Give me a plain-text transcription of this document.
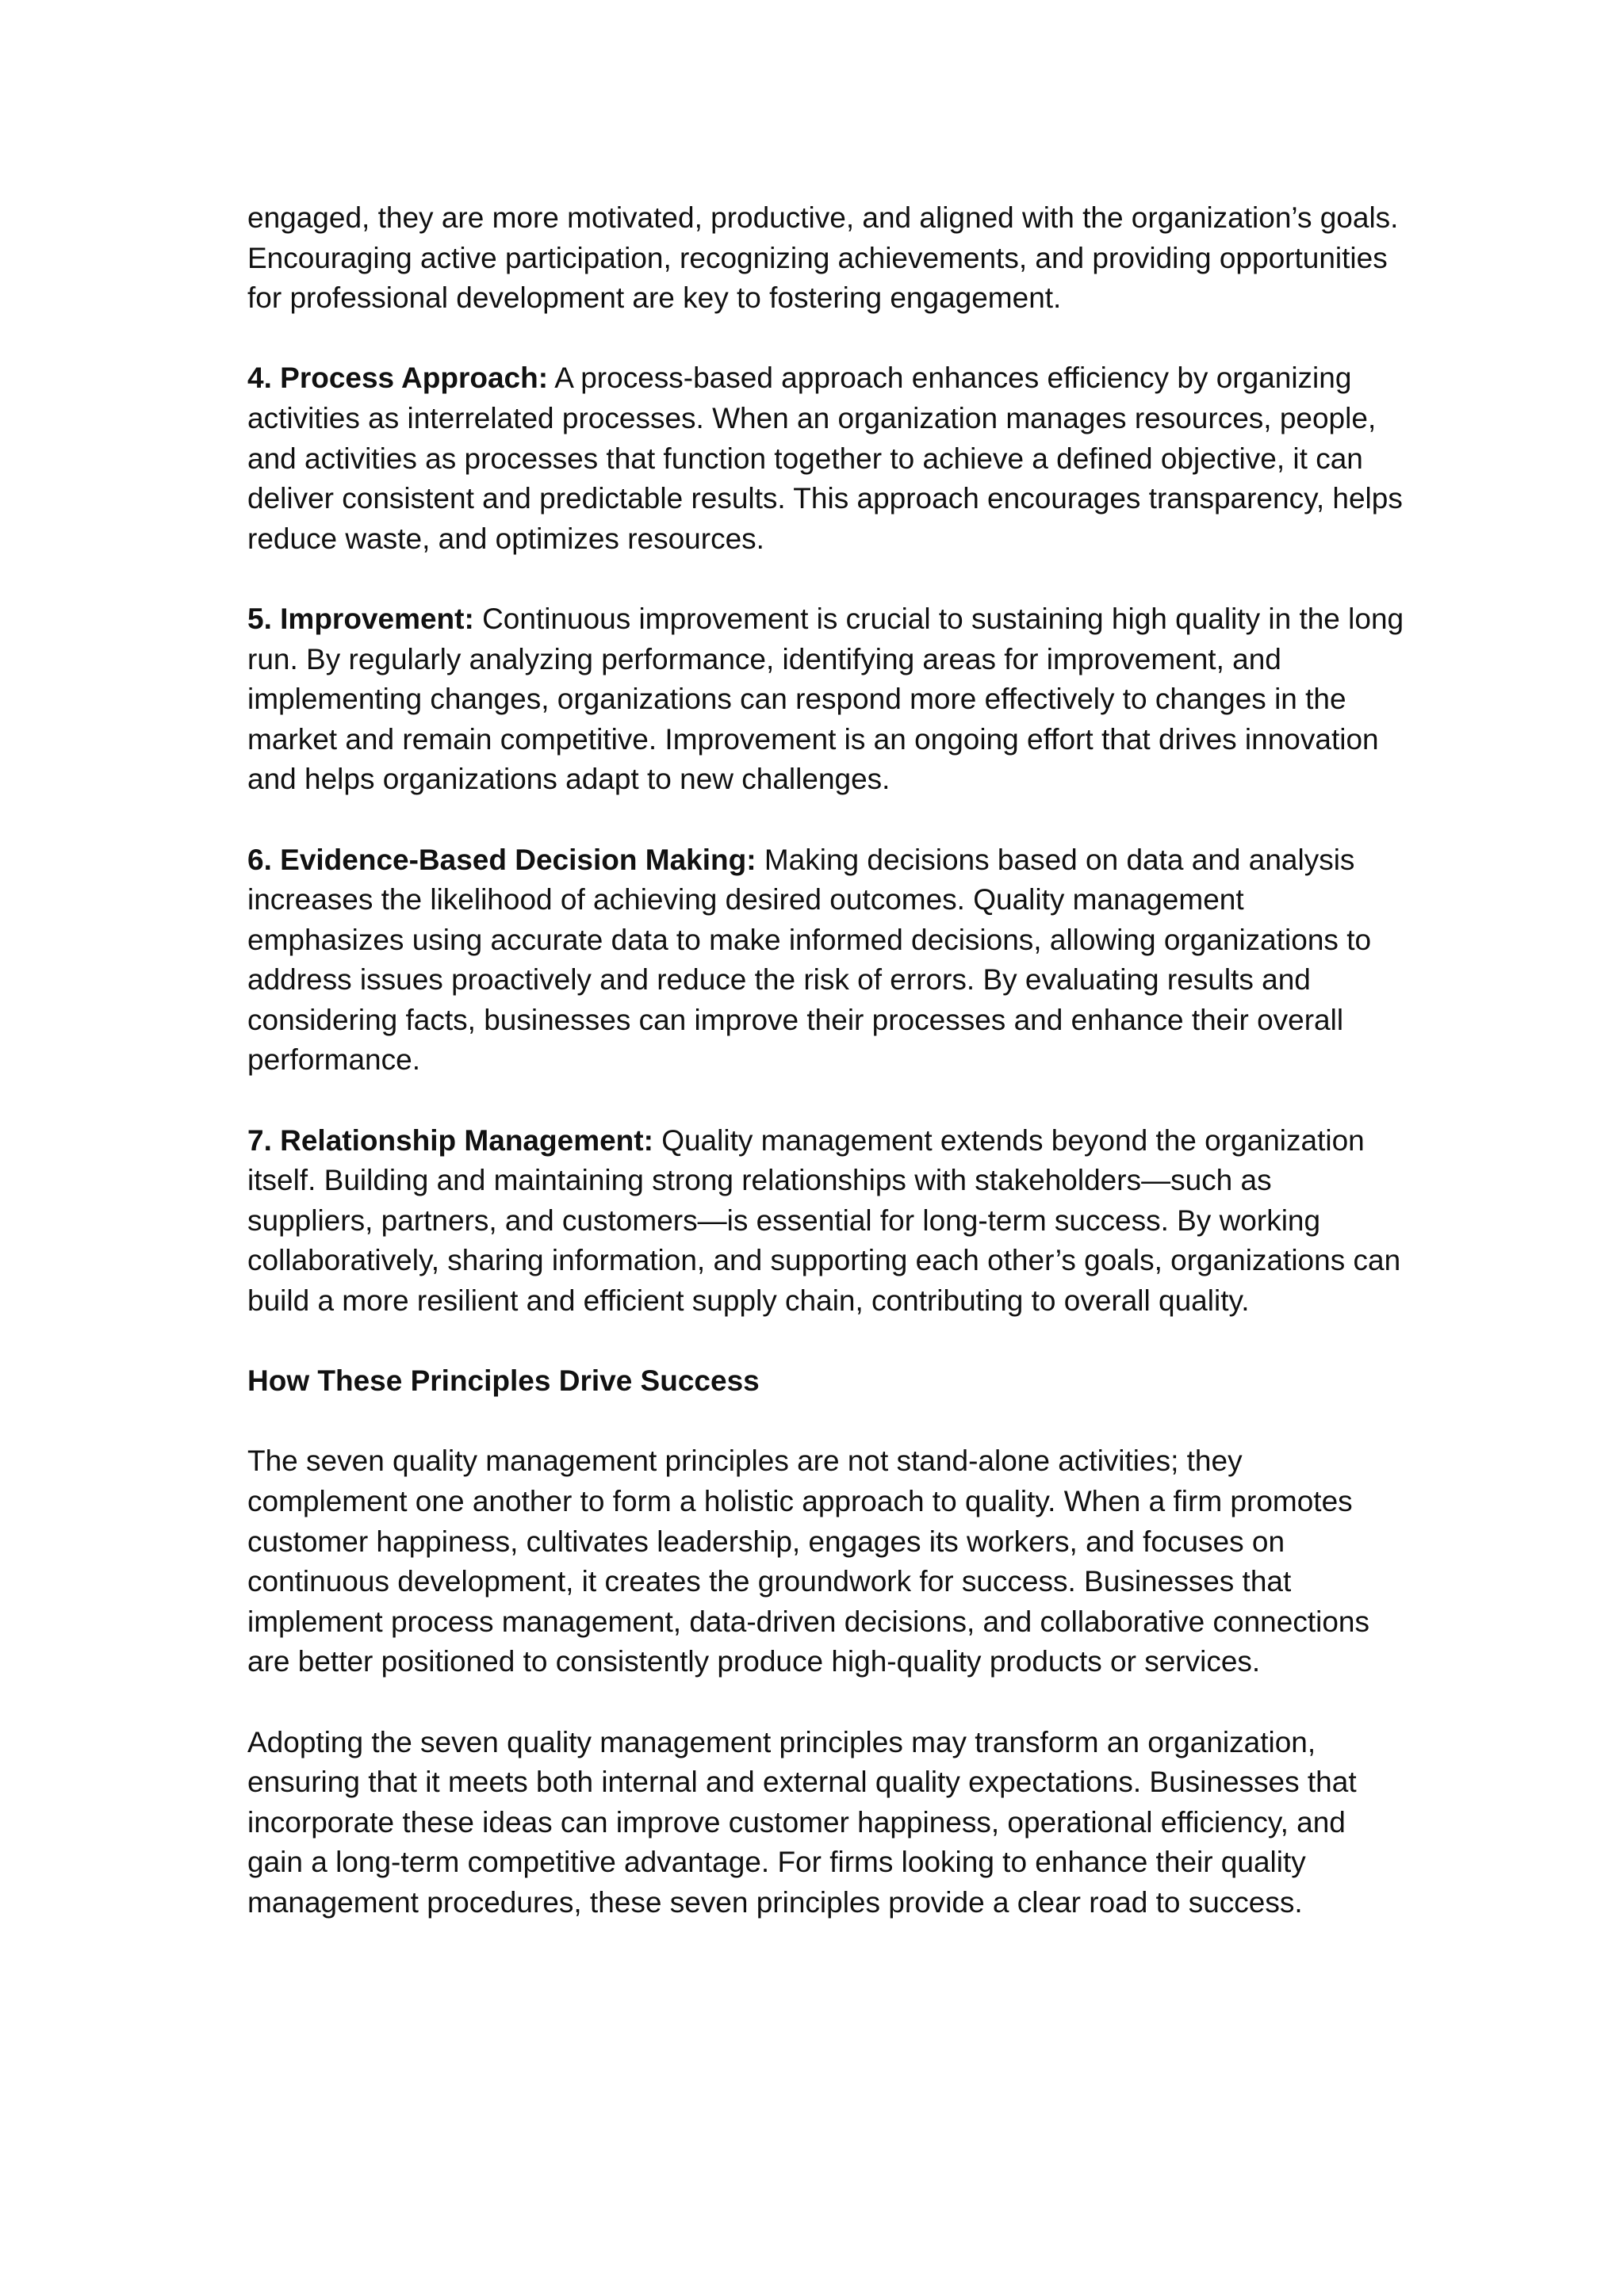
engaged, they are more motivated, productive, and aligned with the organization’s goals. Encouraging active participation, recognizing achievements, and providing opportunities for professional development are key to fostering engagement.

4. Process Approach: A process-based approach enhances efficiency by organizing activities as interrelated processes. When an organization manages resources, people, and activities as processes that function together to achieve a defined objective, it can deliver consistent and predictable results. This approach encourages transparency, helps reduce waste, and optimizes resources.

5. Improvement: Continuous improvement is crucial to sustaining high quality in the long run. By regularly analyzing performance, identifying areas for improvement, and implementing changes, organizations can respond more effectively to changes in the market and remain competitive. Improvement is an ongoing effort that drives innovation and helps organizations adapt to new challenges.

6. Evidence-Based Decision Making: Making decisions based on data and analysis increases the likelihood of achieving desired outcomes. Quality management emphasizes using accurate data to make informed decisions, allowing organizations to address issues proactively and reduce the risk of errors. By evaluating results and considering facts, businesses can improve their processes and enhance their overall performance.

7. Relationship Management: Quality management extends beyond the organization itself. Building and maintaining strong relationships with stakeholders—such as suppliers, partners, and customers—is essential for long-term success. By working collaboratively, sharing information, and supporting each other’s goals, organizations can build a more resilient and efficient supply chain, contributing to overall quality.

How These Principles Drive Success

The seven quality management principles are not stand-alone activities; they complement one another to form a holistic approach to quality. When a firm promotes customer happiness, cultivates leadership, engages its workers, and focuses on continuous development, it creates the groundwork for success. Businesses that implement process management, data-driven decisions, and collaborative connections are better positioned to consistently produce high-quality products or services.

Adopting the seven quality management principles may transform an organization, ensuring that it meets both internal and external quality expectations. Businesses that incorporate these ideas can improve customer happiness, operational efficiency, and gain a long-term competitive advantage. For firms looking to enhance their quality management procedures, these seven principles provide a clear road to success.
